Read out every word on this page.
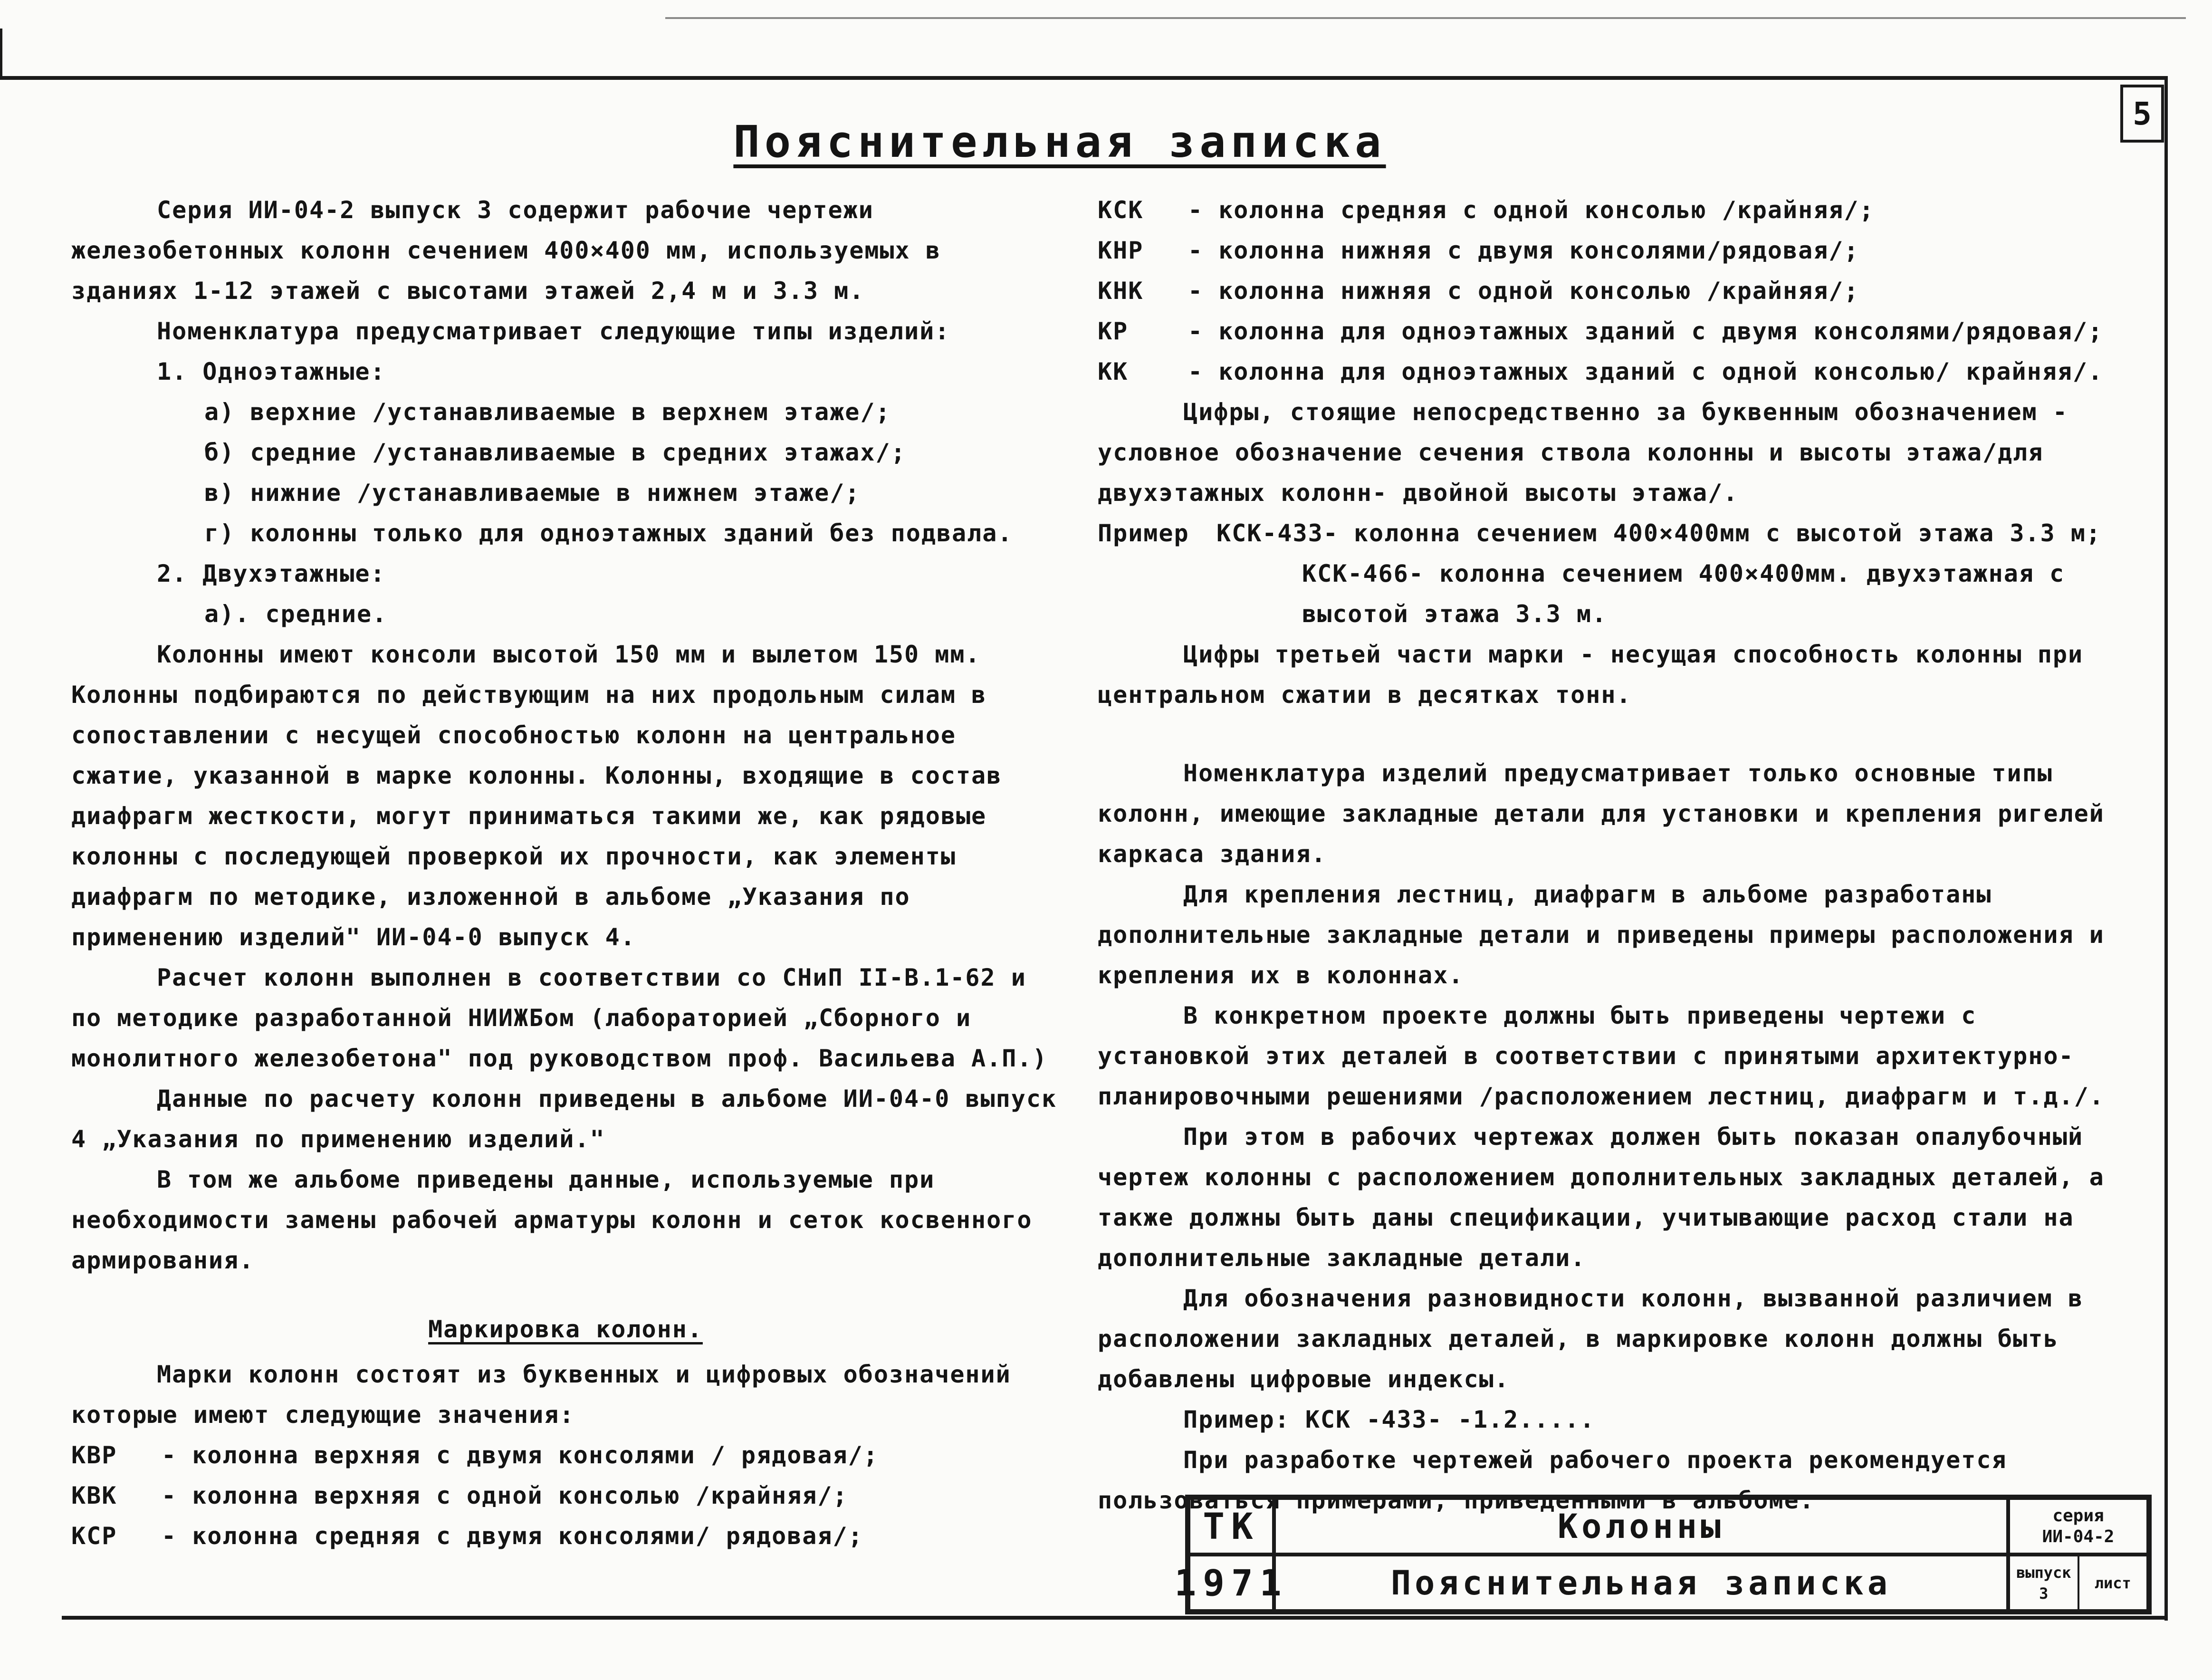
5
Пояснительная записка

Серия ИИ-04-2 выпуск 3 содержит рабочие чертежи железобетонных колонн сечением 400×400 мм, используемых в зданиях 1-12 этажей с высотами этажей 2,4 м и 3.3 м.

Номенклатура предусматривает следующие типы изделий:

1. Одноэтажные:

а) верхние /устанавливаемые в верхнем этаже/;

б) средние /устанавливаемые в средних этажах/;

в) нижние /устанавливаемые в нижнем этаже/;

г) колонны только для одноэтажных зданий без подвала.

2. Двухэтажные:

а). средние.

Колонны имеют консоли высотой 150 мм и вылетом 150 мм. Колонны подбираются по действующим на них продольным силам в сопоставлении с несущей способностью колонн на центральное сжатие, указанной в марке колонны. Колонны, входящие в состав диафрагм жесткости, могут приниматься такими же, как рядовые колонны с последующей проверкой их прочности, как элементы диафрагм по методике, изложенной в альбоме „Указания по применению изделий" ИИ-04-0 выпуск 4.

Расчет колонн выполнен в соответствии со СНиП II-В.1-62 и по методике разработанной НИИЖБом (лабораторией „Сборного и монолитного железобетона" под руководством проф. Васильева А.П.)

Данные по расчету колонн приведены в альбоме ИИ-04-0 выпуск 4 „Указания по применению изделий."

В том же альбоме приведены данные, используемые при необходимости замены рабочей арматуры колонн и сеток косвенного армирования.

Маркировка колонн.

Марки колонн состоят из буквенных и цифровых обозначений которые имеют следующие значения:

КВР	- колонна верхняя с двумя консолями / рядовая/;
КВК	- колонна верхняя с одной консолью /крайняя/;
КСР	- колонна средняя с двумя консолями/ рядовая/;
КСК	- колонна средняя с одной консолью /крайняя/;
КНР	- колонна нижняя с двумя консолями/рядовая/;
КНК	- колонна нижняя с одной консолью /крайняя/;
КР	- колонна для одноэтажных зданий с двумя консолями/рядовая/;
КК	- колонна для одноэтажных зданий с одной консолью/ крайняя/.

Цифры, стоящие непосредственно за буквенным обозначением - условное обозначение сечения ствола колонны и высоты этажа/для двухэтажных колонн- двойной высоты этажа/.

Пример	КСК-433- колонна сечением 400×400мм с высотой этажа 3.3 м;

КСК-466- колонна сечением 400×400мм. двухэтажная с высотой этажа 3.3 м.

Цифры третьей части марки - несущая способность колонны при центральном сжатии в десятках тонн.

Номенклатура изделий предусматривает только основные типы колонн, имеющие закладные детали для установки и крепления ригелей каркаса здания.

Для крепления лестниц, диафрагм в альбоме разработаны дополнительные закладные детали и приведены примеры расположения и крепления их в колоннах.

В конкретном проекте должны быть приведены чертежи с установкой этих деталей в соответствии с принятыми архитектурно-планировочными решениями /расположением лестниц, диафрагм и т.д./.

При этом в рабочих чертежах должен быть показан опалубочный чертеж колонны с расположением дополнительных закладных деталей, а также должны быть даны спецификации, учитывающие расход стали на дополнительные закладные детали.

Для обозначения разновидности колонн, вызванной различием в расположении закладных деталей, в маркировке колонн должны быть добавлены цифровые индексы.

Пример: КСК -433- -1.2.....

При разработке чертежей рабочего проекта рекомендуется пользоваться примерами, приведенными в альбоме.

ТК	Колонны	серия
ИИ-04-2
1971	Пояснительная записка	выпуск
3
лист
